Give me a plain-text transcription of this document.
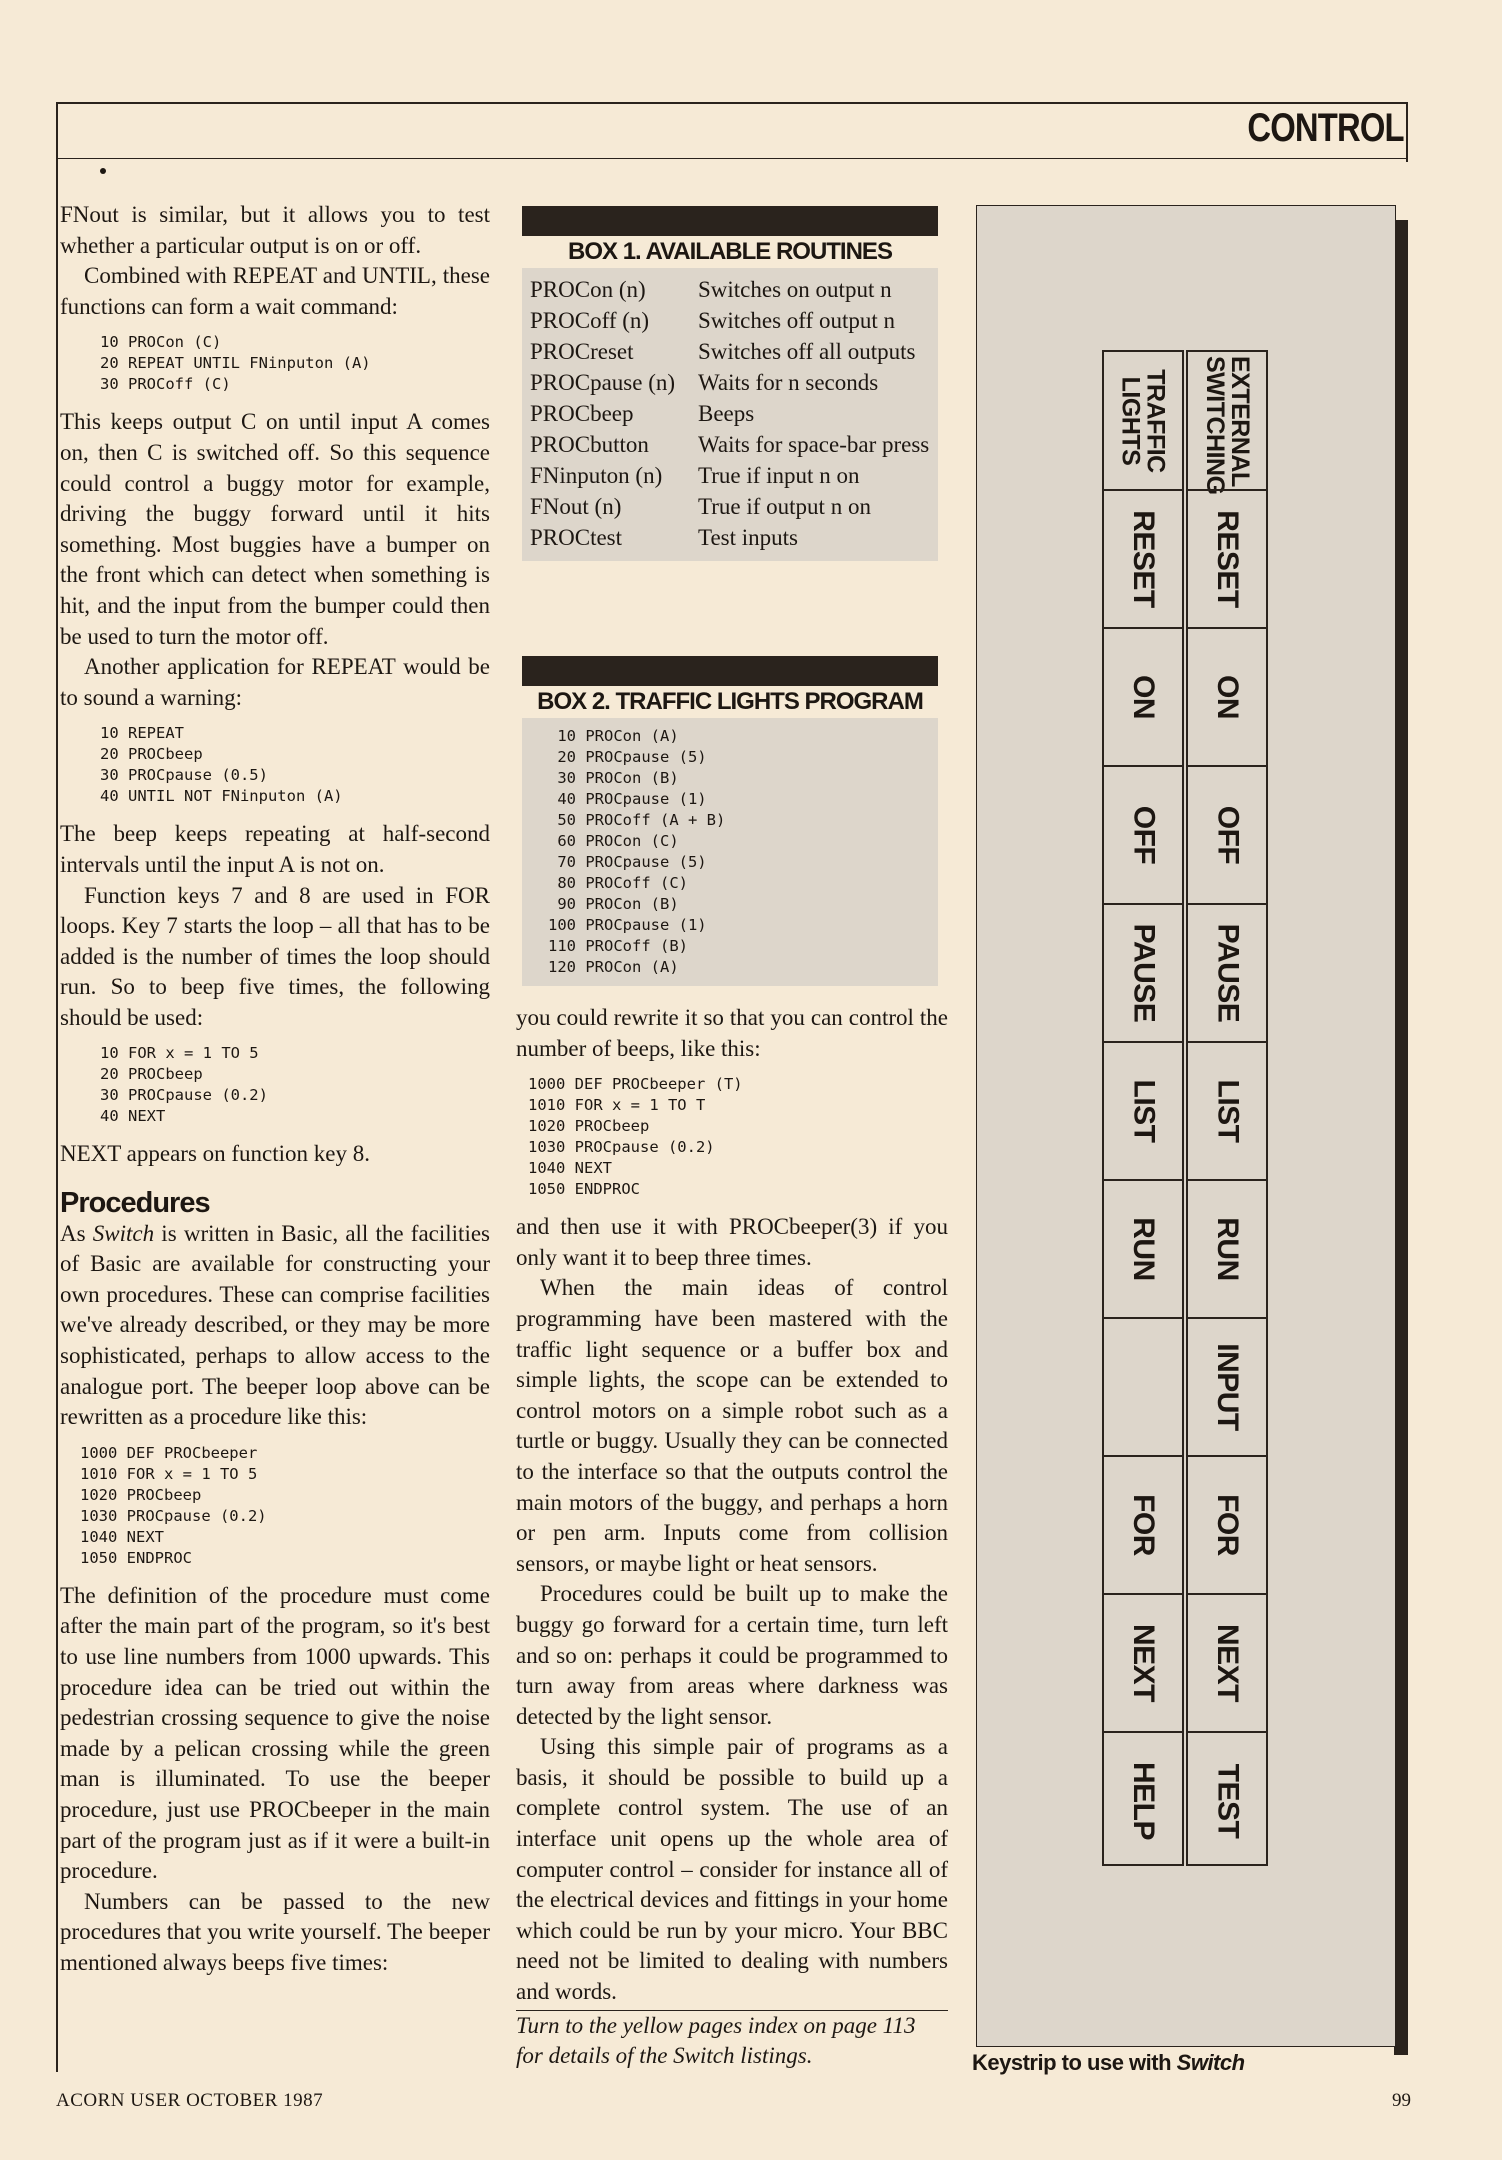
CONTROL

FNout is similar, but it allows you to test whether a particular output is on or off.

Combined with REPEAT and UNTIL, these functions can form a wait command:

10 PROCon (C)
20 REPEAT UNTIL FNinputon (A)
30 PROCoff (C)

This keeps output C on until input A comes on, then C is switched off. So this sequence could control a buggy motor for example, driving the buggy forward until it hits something. Most buggies have a bumper on the front which can detect when something is hit, and the input from the bumper could then be used to turn the motor off.

Another application for REPEAT would be to sound a warning:

10 REPEAT
20 PROCbeep
30 PROCpause (0.5)
40 UNTIL NOT FNinputon (A)

The beep keeps repeating at half-second intervals until the input A is not on.

Function keys 7 and 8 are used in FOR loops. Key 7 starts the loop – all that has to be added is the number of times the loop should run. So to beep five times, the following should be used:

10 FOR x = 1 TO 5
20 PROCbeep
30 PROCpause (0.2)
40 NEXT

NEXT appears on function key 8.

Procedures

As Switch is written in Basic, all the facilities of Basic are available for constructing your own procedures. These can comprise facilities we've already described, or they may be more sophisticated, perhaps to allow access to the analogue port. The beeper loop above can be rewritten as a procedure like this:

1000 DEF PROCbeeper
1010 FOR x = 1 TO 5
1020 PROCbeep
1030 PROCpause (0.2)
1040 NEXT
1050 ENDPROC

The definition of the procedure must come after the main part of the program, so it's best to use line numbers from 1000 upwards. This procedure idea can be tried out within the pedestrian crossing sequence to give the noise made by a pelican crossing while the green man is illuminated. To use the beeper procedure, just use PROCbeeper in the main part of the program just as if it were a built-in procedure.

Numbers can be passed to the new procedures that you write yourself. The beeper mentioned always beeps five times:

BOX 1. AVAILABLE ROUTINES
PROCon (n)	Switches on output n
PROCoff (n)	Switches off output n
PROCreset	Switches off all outputs
PROCpause (n) Waits for n seconds
PROCbeep	Beeps
PROCbutton	Waits for space-bar press
FNinputon (n)	True if input n on
FNout (n)	True if output n on
PROCtest	Test inputs
BOX 2. TRAFFIC LIGHTS PROGRAM
10 PROCon (A)
20 PROCpause (5)
30 PROCon (B)
40 PROCpause (1)
50 PROCoff (A + B)
60 PROCon (C)
70 PROCpause (5)
80 PROCoff (C)
90 PROCon (B)
100 PROCpause (1)
110 PROCoff (B)
120 PROCon (A)

you could rewrite it so that you can control the number of beeps, like this:

1000 DEF PROCbeeper (T)
1010 FOR x = 1 TO T
1020 PROCbeep
1030 PROCpause (0.2)
1040 NEXT
1050 ENDPROC

and then use it with PROCbeeper(3) if you only want it to beep three times.

When the main ideas of control programming have been mastered with the traffic light sequence or a buffer box and simple lights, the scope can be extended to control motors on a simple robot such as a turtle or buggy. Usually they can be connected to the interface so that the outputs control the main motors of the buggy, and perhaps a horn or pen arm. Inputs come from collision sensors, or maybe light or heat sensors.

Procedures could be built up to make the buggy go forward for a certain time, turn left and so on: perhaps it could be programmed to turn away from areas where darkness was detected by the light sensor.

Using this simple pair of programs as a basis, it should be possible to build up a complete control system. The use of an interface unit opens up the whole area of computer control – consider for instance all of the electrical devices and fittings in your home which could be run by your micro. Your BBC need not be limited to dealing with numbers and words.

Turn to the yellow pages index on page 113 for details of the Switch listings.

EXTERNAL SWITCHING
RESET
ON
OFF
PAUSE
LIST
RUN
INPUT
FOR
NEXT
TEST
TRAFFIC LIGHTS
RESET
ON
OFF
PAUSE
LIST
RUN
FOR
NEXT
HELP
Keystrip to use with Switch
ACORN USER OCTOBER 1987	99
